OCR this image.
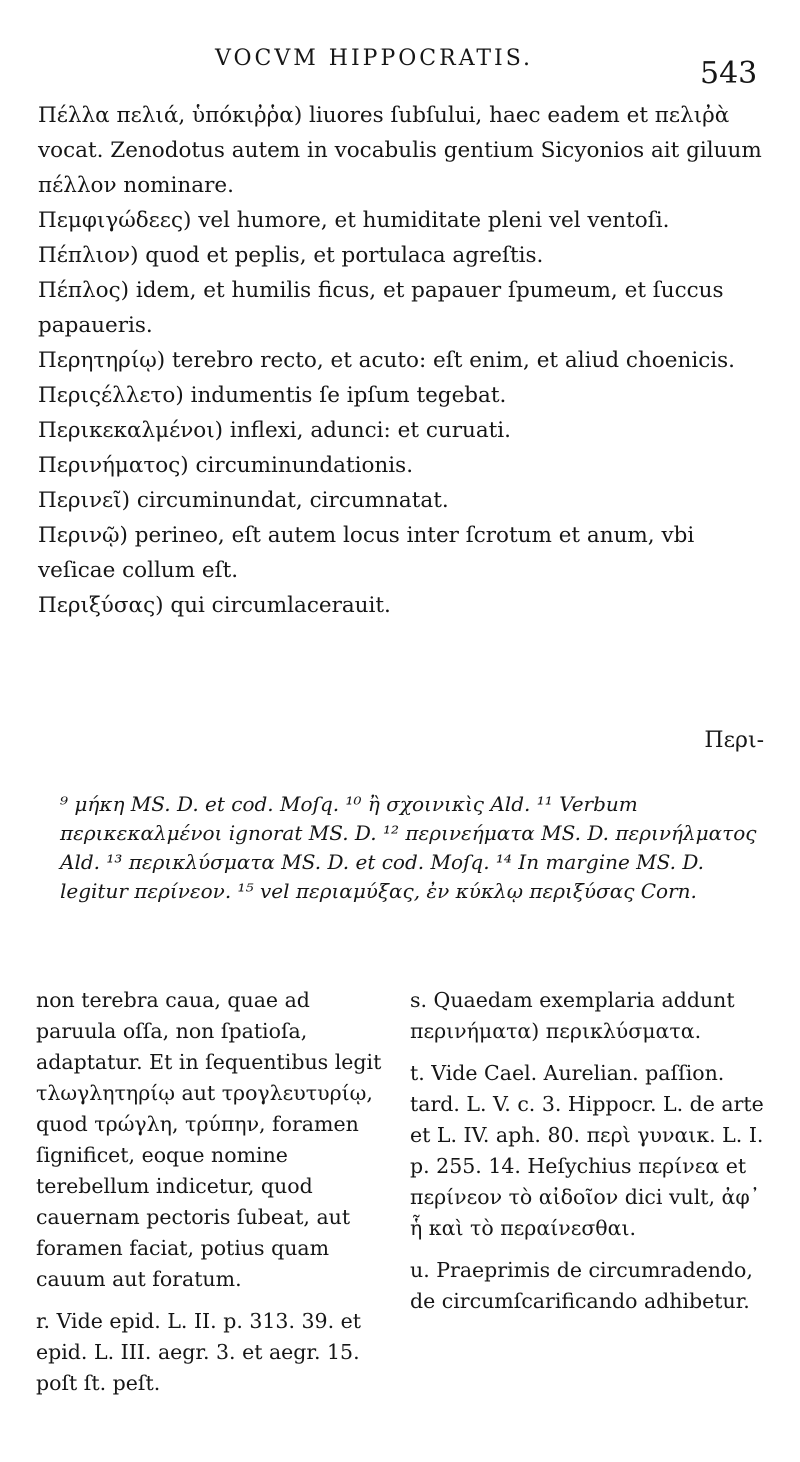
VOCVM HIPPOCRATIS.	543

Πέλλα πελιά, ὑπόκιῤῥα) liuores ſubſului, haec eadem et πελιῤὰ vocat. Zenodotus autem in vocabulis gentium Sicyonios ait giluum πέλλον nominare.

Πεμφιγώδεες) vel humore, et humiditate pleni vel ventoſi.

Πέπλιον) quod et peplis, et portulaca agreſtis.

Πέπλος) idem, et humilis ficus, et papauer ſpumeum, et ſuccus papaueris.

Περητηρίῳ) terebro recto, et acuto: eſt enim, et aliud choenicis.

Περιςέλλετο) indumentis ſe ipſum tegebat.

Περικεκαλμένοι) inflexi, adunci: et curuati.

Περινήματος) circuminundationis.

Περινεῖ) circuminundat, circumnatat.

Περινῷ) perineo, eſt autem locus inter ſcrotum et anum, vbi veſicae collum eſt.

Περιξύσας) qui circumlacerauit.

Περι-

⁹ μήκη MS. D. et cod. Moſq. ¹⁰ ἢ σχοινικὶς Ald. ¹¹ Verbum περικεκαλμένοι ignorat MS. D. ¹² περινεήματα MS. D. περινήλματος Ald. ¹³ περικλύσματα MS. D. et cod. Moſq. ¹⁴ In margine MS. D. legitur περίνεον. ¹⁵ vel περιαμύξας, ἐν κύκλῳ περιξύσας Corn.

non terebra caua, quae ad paruula oſſa, non ſpatioſa, adaptatur. Et in ſequentibus legit τλωγλητηρίῳ aut τρογλευτυρίῳ, quod τρώγλη, τρύπην, foramen ſignificet, eoque nomine terebellum indicetur, quod cauernam pectoris ſubeat, aut foramen faciat, potius quam cauum aut foratum.

r. Vide epid. L. II. p. 313. 39. et epid. L. III. aegr. 3. et aegr. 15. poſt ſt. peſt.

s. Quaedam exemplaria addunt περινήματα) περικλύσματα.

t. Vide Cael. Aurelian. paſſion. tard. L. V. c. 3. Hippocr. L. de arte et L. IV. aph. 80. περὶ γυναικ. L. I. p. 255. 14. Heſychius περίνεα et περίνεον τὸ αἰδοῖον dici vult, ἀφ᾽ ἧ καὶ τὸ περαίνεσθαι.

u. Praeprimis de circumradendo, de circumſcarificando adhibetur.
